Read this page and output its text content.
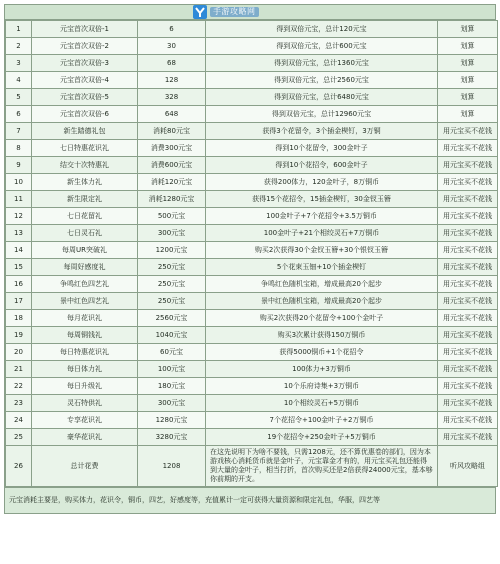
手游攻略网
1	元宝首次双倍-1	6	得到双倍元宝，总计120元宝	划算
2	元宝首次双倍-2	30	得到双倍元宝，总计600元宝	划算
3	元宝首次双倍-3	68	得到双倍元宝，总计1360元宝	划算
4	元宝首次双倍-4	128	得到双倍元宝，总计2560元宝	划算
5	元宝首次双倍-5	328	得到双倍元宝，总计6480元宝	划算
6	元宝首次双倍-6	648	得到双倍元宝，总计12960元宝	划算
7	新生踏德礼包	消耗80元宝	获得3个花留令，3个插金楔钉，3万铜	用元宝买不花钱
8	七日特惠花识礼	消费300元宝	得到10个花留令，300金叶子	用元宝买不花钱
9	结交十次特惠礼	消费600元宝	得到10个花招令，600金叶子	用元宝买不花钱
10	新生体力礼	消耗120元宝	获得200体力，120金叶子，8万铜币	用元宝买不花钱
11	新生限定礼	消耗1280元宝	获得15个花招令，15插金楔钉，30金钗玉簪	用元宝买不花钱
12	七日花留礼	500元宝	100金叶子+7个花招令+3.5万铜币	用元宝买不花钱
13	七日灵石礼	300元宝	100金叶子+21个相绞灵石+7万铜币	用元宝买不花钱
14	每周UR突破礼	1200元宝	购买2次获得30个金钗玉簪+30个银钗玉簪	用元宝买不花钱
15	每周好感度礼	250元宝	5个花束玉钿+10个插金楔钉	用元宝买不花钱
16	争鸣红色四艺礼	250元宝	争鸣红色随机宝箱，增成最高20个起步	用元宝买不花钱
17	景中红色四艺礼	250元宝	景中红色随机宝箱，增成最高20个起步	用元宝买不花钱
18	每月花识礼	2560元宝	购买2次获得20个花留令+100个金叶子	用元宝买不花钱
19	每周铜钱礼	1040元宝	购买3次累计获得150万铜币	用元宝买不花钱
20	每日特惠花识礼	60元宝	获得5000铜币+1个花招令	用元宝买不花钱
21	每日体力礼	100元宝	100体力+3万铜币	用元宝买不花钱
22	每日升级礼	180元宝	10个乐府诗集+3万铜币	用元宝买不花钱
23	灵石特供礼	300元宝	10个相绞灵石+5万铜币	用元宝买不花钱
24	专享花识礼	1280元宝	7个花招令+100金叶子+2万铜币	用元宝买不花钱
25	豪华花识礼	3280元宝	19个花招令+250金叶子+5万铜币	用元宝买不花钱
26	总计花费	1208	在这先说明下为啥不要钱，只需1208元，还不算优惠卷的部们，因为本游戏核心消耗货币就是金叶子，元宝靠金才有的，用元宝买礼包还能得到大量的金叶子，相当打折，首次购买还是2倍获得24000元宝，基本够你前期的开支。	听风攻略组
元宝消耗主要是，购买体力，花识令，铜币，四艺，好感度等，充值累计一定可获得大量资源和限定礼包，华服，四艺等
